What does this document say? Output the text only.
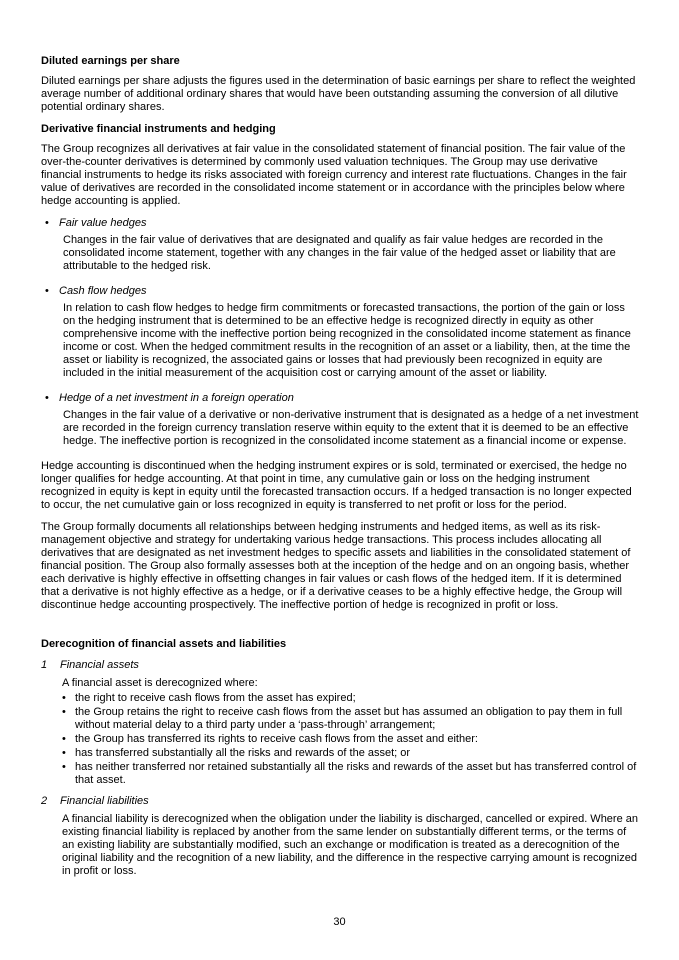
Diluted earnings per share

Diluted earnings per share adjusts the figures used in the determination of basic earnings per share to reflect the weighted average number of additional ordinary shares that would have been outstanding assuming the conversion of all dilutive potential ordinary shares.

Derivative financial instruments and hedging

The Group recognizes all derivatives at fair value in the consolidated statement of financial position. The fair value of the over-the-counter derivatives is determined by commonly used valuation techniques. The Group may use derivative financial instruments to hedge its risks associated with foreign currency and interest rate fluctuations. Changes in the fair value of derivatives are recorded in the consolidated income statement or in accordance with the principles below where hedge accounting is applied.

• Fair value hedges

Changes in the fair value of derivatives that are designated and qualify as fair value hedges are recorded in the consolidated income statement, together with any changes in the fair value of the hedged asset or liability that are attributable to the hedged risk.

• Cash flow hedges

In relation to cash flow hedges to hedge firm commitments or forecasted transactions, the portion of the gain or loss on the hedging instrument that is determined to be an effective hedge is recognized directly in equity as other comprehensive income with the ineffective portion being recognized in the consolidated income statement as finance income or cost. When the hedged commitment results in the recognition of an asset or a liability, then, at the time the asset or liability is recognized, the associated gains or losses that had previously been recognized in equity are included in the initial measurement of the acquisition cost or carrying amount of the asset or liability.

• Hedge of a net investment in a foreign operation

Changes in the fair value of a derivative or non-derivative instrument that is designated as a hedge of a net investment are recorded in the foreign currency translation reserve within equity to the extent that it is deemed to be an effective hedge. The ineffective portion is recognized in the consolidated income statement as a financial income or expense.

Hedge accounting is discontinued when the hedging instrument expires or is sold, terminated or exercised, the hedge no longer qualifies for hedge accounting. At that point in time, any cumulative gain or loss on the hedging instrument recognized in equity is kept in equity until the forecasted transaction occurs. If a hedged transaction is no longer expected to occur, the net cumulative gain or loss recognized in equity is transferred to net profit or loss for the period.

The Group formally documents all relationships between hedging instruments and hedged items, as well as its risk-management objective and strategy for undertaking various hedge transactions. This process includes allocating all derivatives that are designated as net investment hedges to specific assets and liabilities in the consolidated statement of financial position. The Group also formally assesses both at the inception of the hedge and on an ongoing basis, whether each derivative is highly effective in offsetting changes in fair values or cash flows of the hedged item. If it is determined that a derivative is not highly effective as a hedge, or if a derivative ceases to be a highly effective hedge, the Group will discontinue hedge accounting prospectively. The ineffective portion of hedge is recognized in profit or loss.

Derecognition of financial assets and liabilities
1	Financial assets

A financial asset is derecognized where:

• the right to receive cash flows from the asset has expired;
• the Group retains the right to receive cash flows from the asset but has assumed an obligation to pay them in full without material delay to a third party under a ‘pass-through’ arrangement;
• the Group has transferred its rights to receive cash flows from the asset and either:
• has transferred substantially all the risks and rewards of the asset; or
• has neither transferred nor retained substantially all the risks and rewards of the asset but has transferred control of that asset.
2	Financial liabilities

A financial liability is derecognized when the obligation under the liability is discharged, cancelled or expired. Where an existing financial liability is replaced by another from the same lender on substantially different terms, or the terms of an existing liability are substantially modified, such an exchange or modification is treated as a derecognition of the original liability and the recognition of a new liability, and the difference in the respective carrying amount is recognized in profit or loss.

30
